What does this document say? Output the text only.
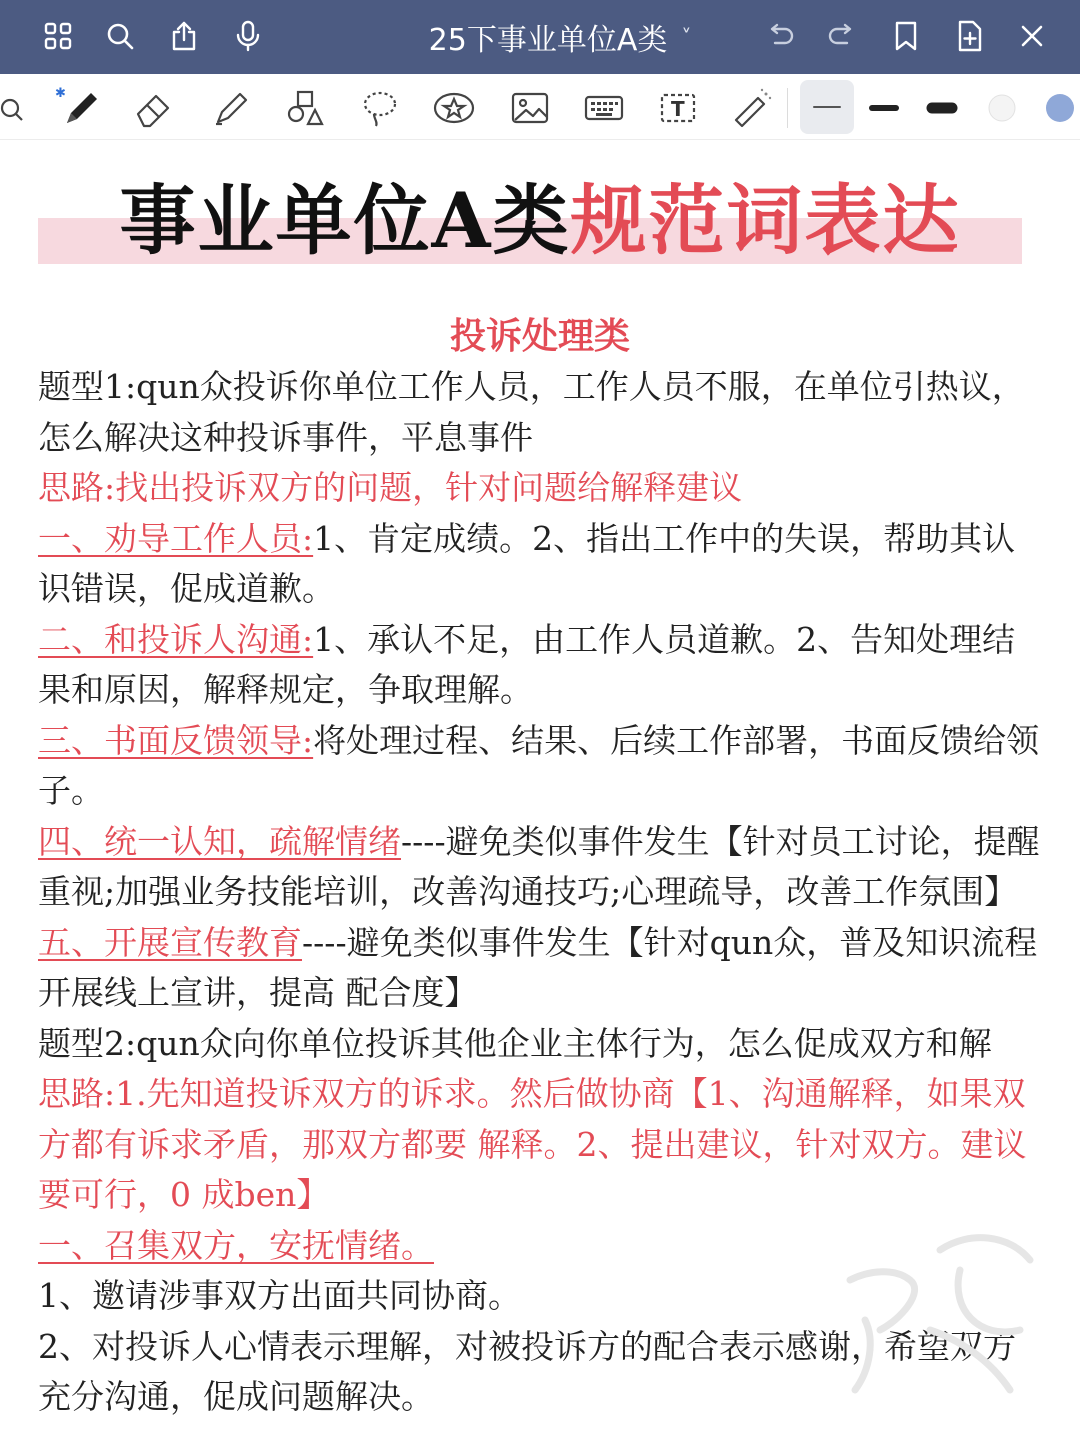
25下事业单位A类 ˅
✱
T
事业单位A类规范词表达
投诉处理类

题型1:qun众投诉你单位工作人员，工作人员不服，在单位引热议，怎么解决这种投诉事件，平息事件

思路:找出投诉双方的问题，针对问题给解释建议

一、劝导工作人员:1、肯定成绩。2、指出工作中的失误，帮助其认识错误，促成道歉。

二、和投诉人沟通:1、承认不足，由工作人员道歉。2、告知处理结果和原因，解释规定，争取理解。

三、书面反馈领导:将处理过程、结果、后续工作部署，书面反馈给领子。

四、统一认知，疏解情绪----避免类似事件发生【针对员工讨论，提醒重视;加强业务技能培训，改善沟通技巧;心理疏导，改善工作氛围】五、开展宣传教育----避免类似事件发生【针对qun众，普及知识流程开展线上宣讲，提高 配合度】

题型2:qun众向你单位投诉其他企业主体行为，怎么促成双方和解

思路:1.先知道投诉双方的诉求。然后做协商【1、沟通解释，如果双方都有诉求矛盾，那双方都要 解释。2、提出建议，针对双方。建议要可行，0 成ben】

一、召集双方，安抚情绪。

1、邀请涉事双方出面共同协商。

2、对投诉人心情表示理解，对被投诉方的配合表示感谢，希望双方充分沟通，促成问题解决。
